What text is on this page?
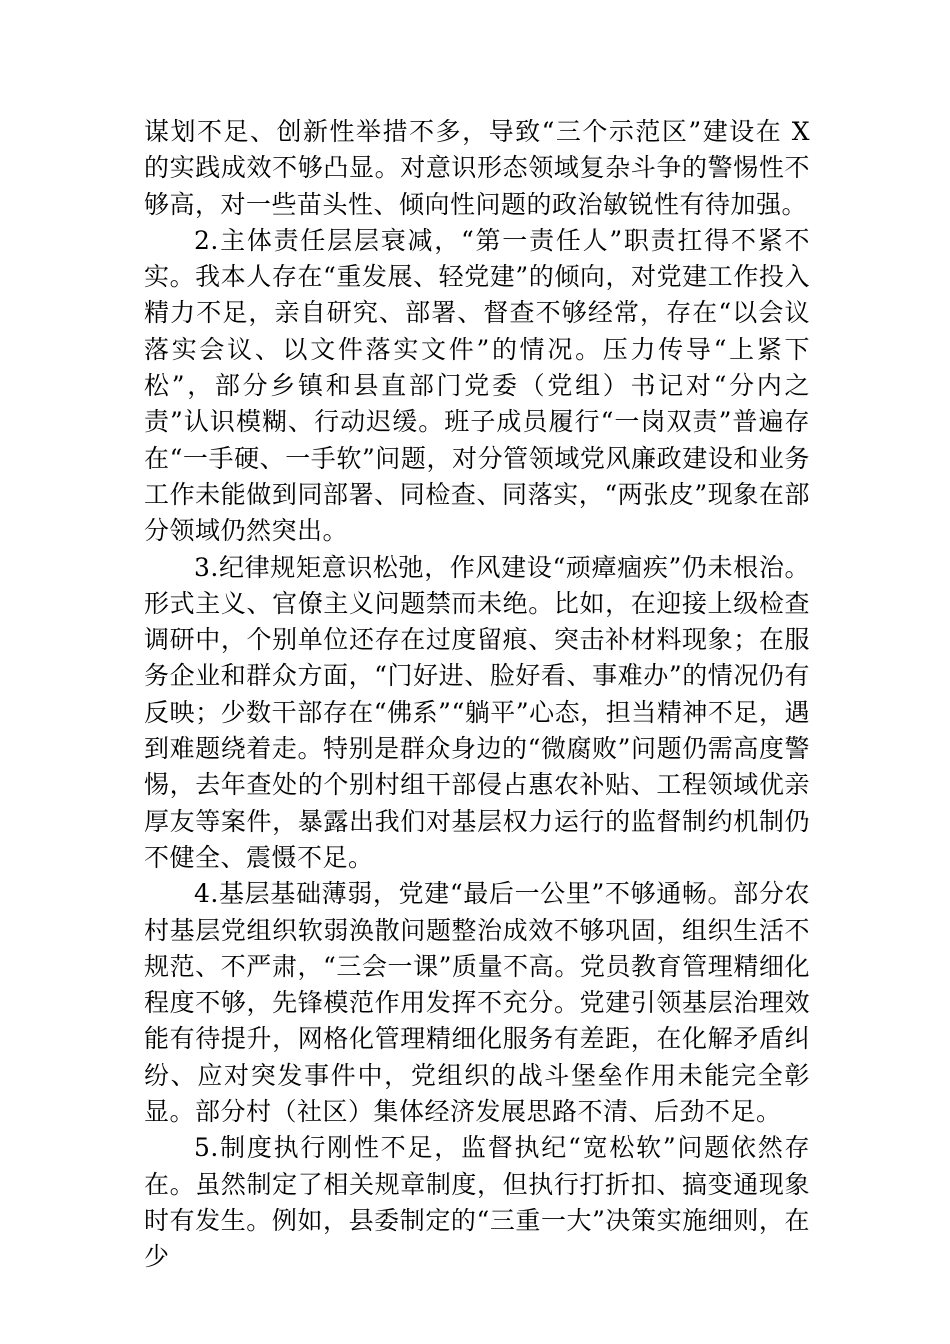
谋划不足、创新性举措不多，导致“三个示范区”建设在 X 的实践成效不够凸显。对意识形态领域复杂斗争的警惕性不够高，对一些苗头性、倾向性问题的政治敏锐性有待加强。

2.主体责任层层衰减，“第一责任人”职责扛得不紧不实。我本人存在“重发展、轻党建”的倾向，对党建工作投入精力不足，亲自研究、部署、督查不够经常，存在“以会议落实会议、以文件落实文件”的情况。压力传导“上紧下松”，部分乡镇和县直部门党委（党组）书记对“分内之责”认识模糊、行动迟缓。班子成员履行“一岗双责”普遍存在“一手硬、一手软”问题，对分管领域党风廉政建设和业务工作未能做到同部署、同检查、同落实，“两张皮”现象在部分领域仍然突出。

3.纪律规矩意识松弛，作风建设“顽瘴痼疾”仍未根治。形式主义、官僚主义问题禁而未绝。比如，在迎接上级检查调研中，个别单位还存在过度留痕、突击补材料现象；在服务企业和群众方面，“门好进、脸好看、事难办”的情况仍有反映；少数干部存在“佛系”“躺平”心态，担当精神不足，遇到难题绕着走。特别是群众身边的“微腐败”问题仍需高度警惕，去年查处的个别村组干部侵占惠农补贴、工程领域优亲厚友等案件，暴露出我们对基层权力运行的监督制约机制仍不健全、震慑不足。

4.基层基础薄弱，党建“最后一公里”不够通畅。部分农村基层党组织软弱涣散问题整治成效不够巩固，组织生活不规范、不严肃，“三会一课”质量不高。党员教育管理精细化程度不够，先锋模范作用发挥不充分。党建引领基层治理效能有待提升，网格化管理精细化服务有差距，在化解矛盾纠纷、应对突发事件中，党组织的战斗堡垒作用未能完全彰显。部分村（社区）集体经济发展思路不清、后劲不足。

5.制度执行刚性不足，监督执纪“宽松软”问题依然存在。虽然制定了相关规章制度，但执行打折扣、搞变通现象时有发生。例如，县委制定的“三重一大”决策实施细则，在少
